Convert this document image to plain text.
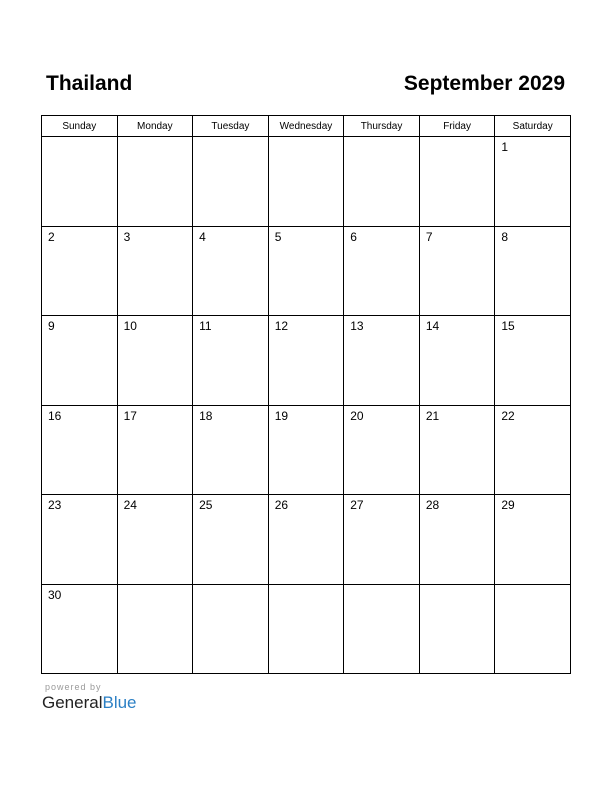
Thailand	September 2029
Sunday	Monday	Tuesday	Wednesday	Thursday	Friday	Saturday

						1

2	3	4	5	6	7	8

9	10	11	12	13	14	15

16	17	18	19	20	21	22

23	24	25	26	27	28	29

30						

powered by
GeneralBlue
